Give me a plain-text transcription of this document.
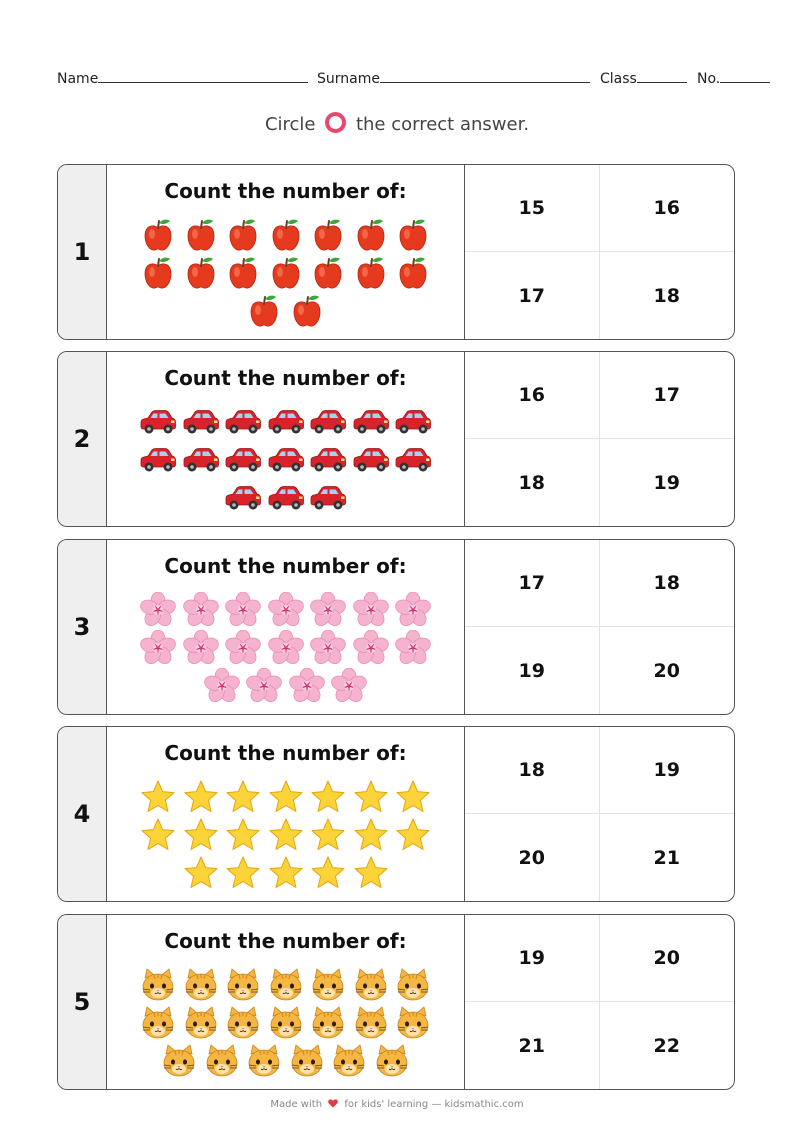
Name	Surname	Class	No.
Circle the correct answer.
1
Count the number of:
15	16
17	18
2
Count the number of:
16	17
18	19
3
Count the number of:
17	18
19	20
4
Count the number of:
18	19
20	21
5
Count the number of:
19	20
21	22
Made with for kids' learning — kidsmathic.com
